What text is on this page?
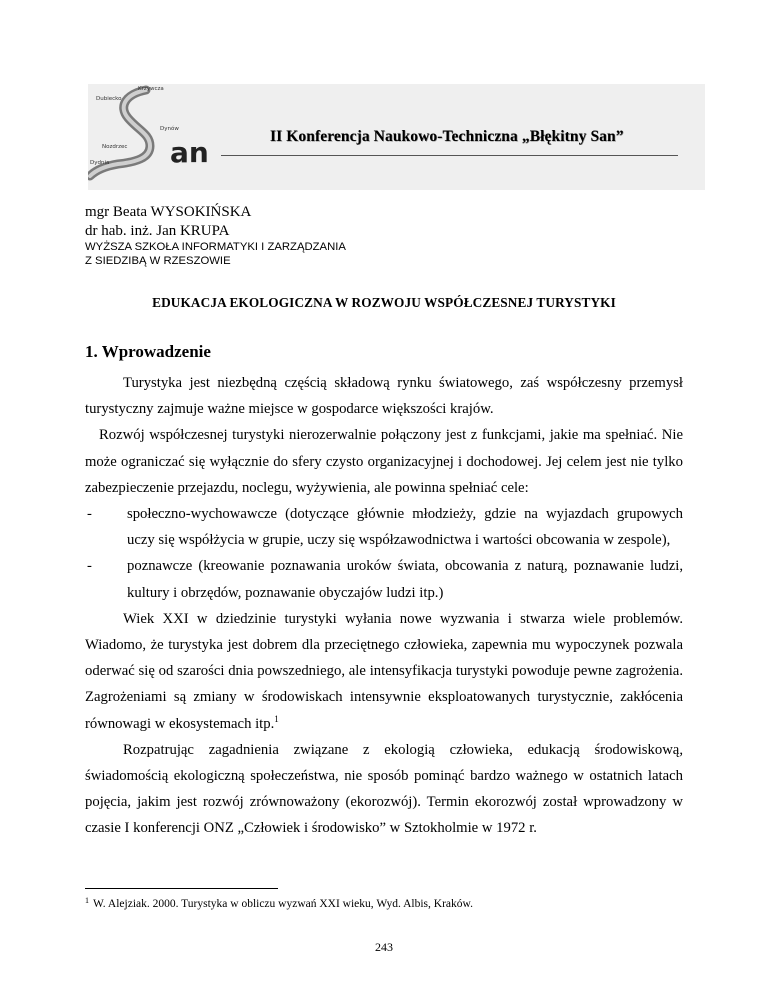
an
Krzywcza
Dubiecko
Dynów
Nozdrzec
Dydnia
II Konferencja Naukowo-Techniczna „Błękitny San”
mgr Beata WYSOKIŃSKA
dr hab. inż. Jan KRUPA
WYŻSZA SZKOŁA INFORMATYKI I ZARZĄDZANIA
Z SIEDZIBĄ W RZESZOWIE
EDUKACJA EKOLOGICZNA W ROZWOJU WSPÓŁCZESNEJ TURYSTYKI
1. Wprowadzenie

Turystyka jest niezbędną częścią składową rynku światowego, zaś współczesny przemysł turystyczny zajmuje ważne miejsce w gospodarce większości krajów.

Rozwój współczesnej turystyki nierozerwalnie połączony jest z funkcjami, jakie ma spełniać. Nie może ograniczać się wyłącznie do sfery czysto organizacyjnej i dochodowej. Jej celem jest nie tylko zabezpieczenie przejazdu, noclegu, wyżywienia, ale powinna spełniać cele:

- społeczno-wychowawcze (dotyczące głównie młodzieży, gdzie na wyjazdach grupowych uczy się współżycia w grupie, uczy się współzawodnictwa i wartości obcowania w zespole),
- poznawcze (kreowanie poznawania uroków świata, obcowania z naturą, poznawanie ludzi, kultury i obrzędów, poznawanie obyczajów ludzi itp.)

Wiek XXI w dziedzinie turystyki wyłania nowe wyzwania i stwarza wiele problemów. Wiadomo, że turystyka jest dobrem dla przeciętnego człowieka, zapewnia mu wypoczynek pozwala oderwać się od szarości dnia powszedniego, ale intensyfikacja turystyki powoduje pewne zagrożenia. Zagrożeniami są zmiany w środowiskach intensywnie eksploatowanych turystycznie, zakłócenia równowagi w ekosystemach itp.$^1$

Rozpatrując zagadnienia związane z ekologią człowieka, edukacją środowiskową, świadomością ekologiczną społeczeństwa, nie sposób pominąć bardzo ważnego w ostatnich latach pojęcia, jakim jest rozwój zrównoważony (ekorozwój). Termin ekorozwój został wprowadzony w czasie I konferencji ONZ „Człowiek i środowisko” w Sztokholmie w 1972 r.

$^1$ W. Alejziak. 2000. Turystyka w obliczu wyzwań XXI wieku, Wyd. Albis, Kraków.
243
